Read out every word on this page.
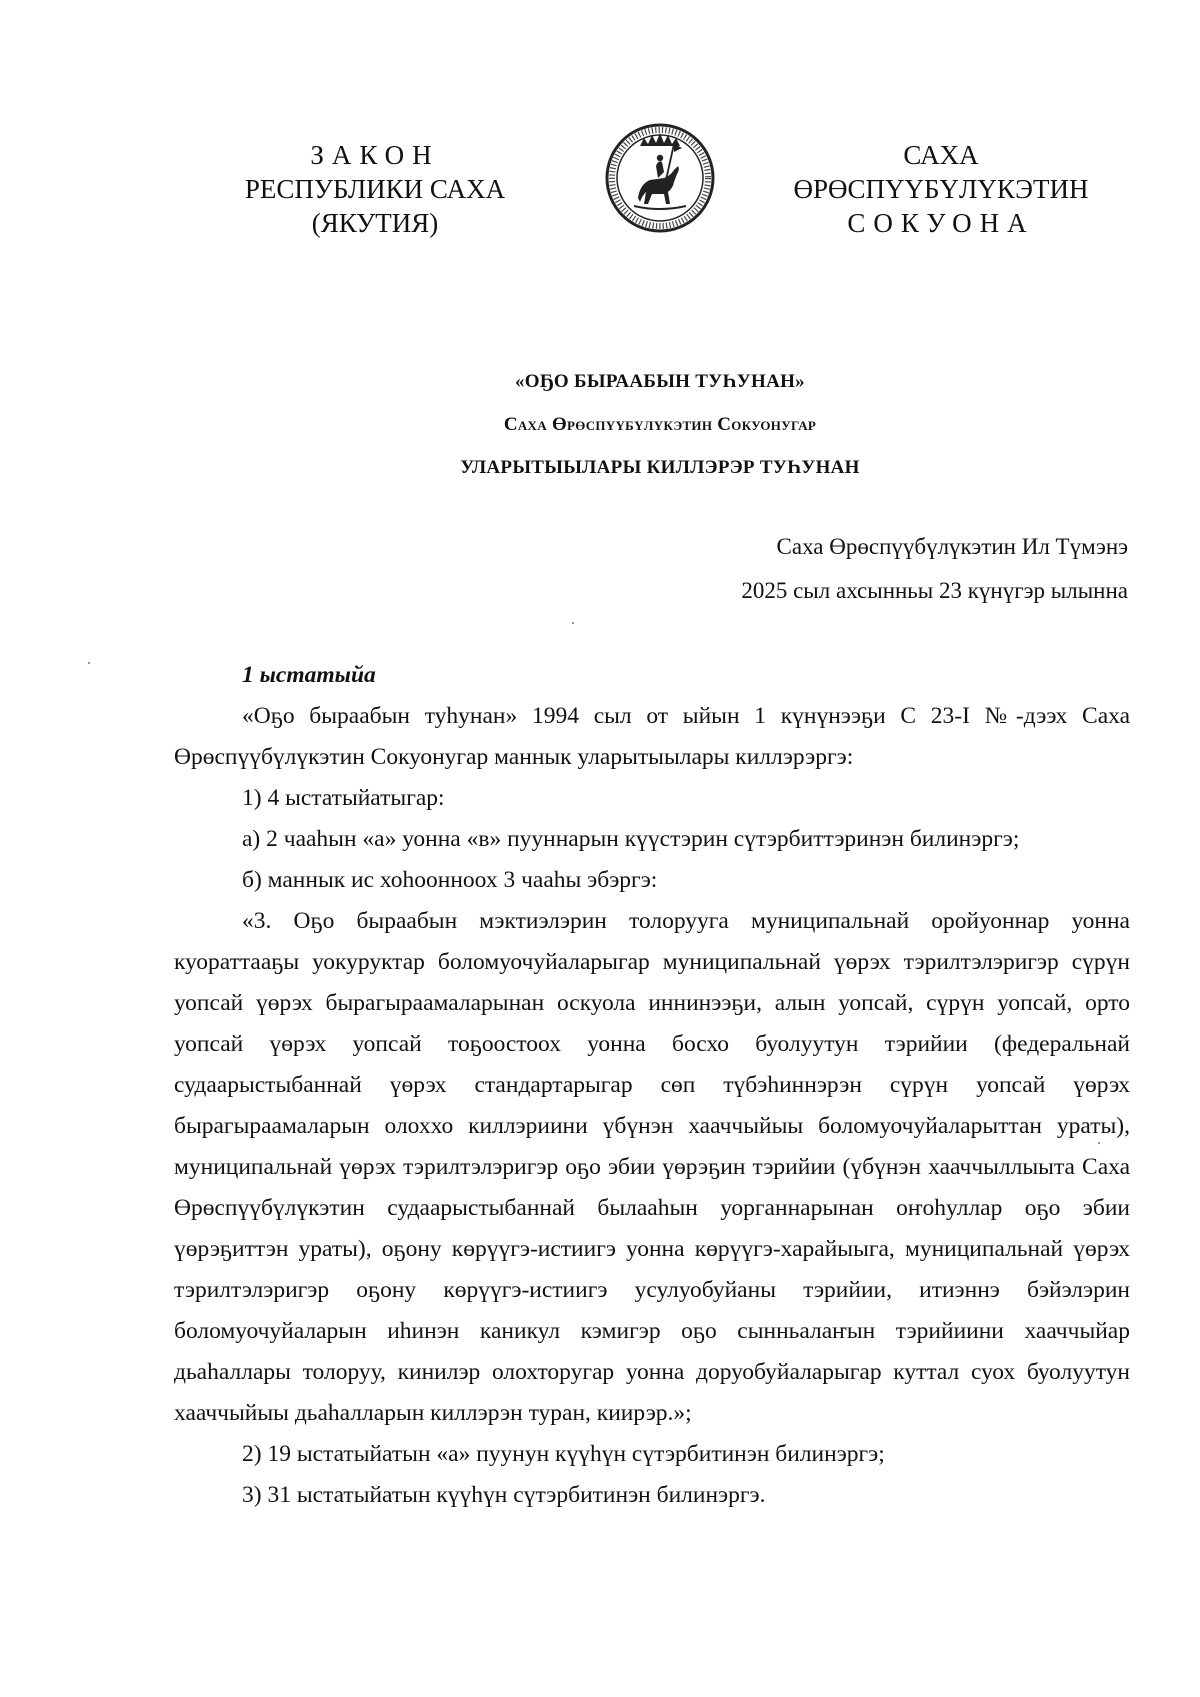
ЗАКОН
РЕСПУБЛИКИ САХА (ЯКУТИЯ)
САХА ӨРӨСПҮҮБҮЛҮКЭТИН
СОКУОНА
«ОҔО БЫРААБЫН ТУҺУНАН»
Саха Өрөспүүбүлүкэтин Сокуонугар
УЛАРЫТЫЫЛАРЫ КИЛЛЭРЭР ТУҺУНАН
Саха Өрөспүүбүлүкэтин Ил Түмэнэ
2025 сыл ахсынньы 23 күнүгэр ылынна
1 ыстатыйа

«Оҕо быраабын туһунан» 1994 сыл от ыйын 1 күнүнээҕи С 23-I №-дээх Саха Өрөспүүбүлүкэтин Сокуонугар маннык уларытыылары киллэрэргэ:

1) 4 ыстатыйатыгар:

а) 2 чааһын «а» уонна «в» пууннарын күүстэрин сүтэрбиттэринэн билинэргэ;

б) маннык ис хоһоонноох 3 чааһы эбэргэ:

«3. Оҕо быраабын мэктиэлэрин толорууга муниципальнай оройуоннар уонна куораттааҕы уокуруктар боломуочуйаларыгар муниципальнай үөрэх тэрилтэлэригэр сүрүн уопсай үөрэх бырагыраамаларынан оскуола иннинээҕи, алын уопсай, сүрүн уопсай, орто уопсай үөрэх уопсай тоҕоостоох уонна босхо буолуутун тэрийии (федеральнай судаарыстыбаннай үөрэх стандартарыгар сөп түбэһиннэрэн сүрүн уопсай үөрэх бырагыраамаларын олоххо киллэриини үбүнэн хааччыйыы боломуочуйаларыттан ураты), муниципальнай үөрэх тэрилтэлэригэр оҕо эбии үөрэҕин тэрийии (үбүнэн хааччыллыыта Саха Өрөспүүбүлүкэтин судаарыстыбаннай былааһын уорганнарынан оҥоһуллар оҕо эбии үөрэҕиттэн ураты), оҕону көрүүгэ-истиигэ уонна көрүүгэ-харайыыга, муниципальнай үөрэх тэрилтэлэригэр оҕону көрүүгэ-истиигэ усулуобуйаны тэрийии, итиэннэ бэйэлэрин боломуочуйаларын иһинэн каникул кэмигэр оҕо сынньалаҥын тэрийиини хааччыйар дьаһаллары толоруу, кинилэр олохторугар уонна доруобуйаларыгар куттал суох буолуутун хааччыйыы дьаһалларын киллэрэн туран, киирэр.»;

2) 19 ыстатыйатын «а» пуунун күүһүн сүтэрбитинэн билинэргэ;

3) 31 ыстатыйатын күүһүн сүтэрбитинэн билинэргэ.
